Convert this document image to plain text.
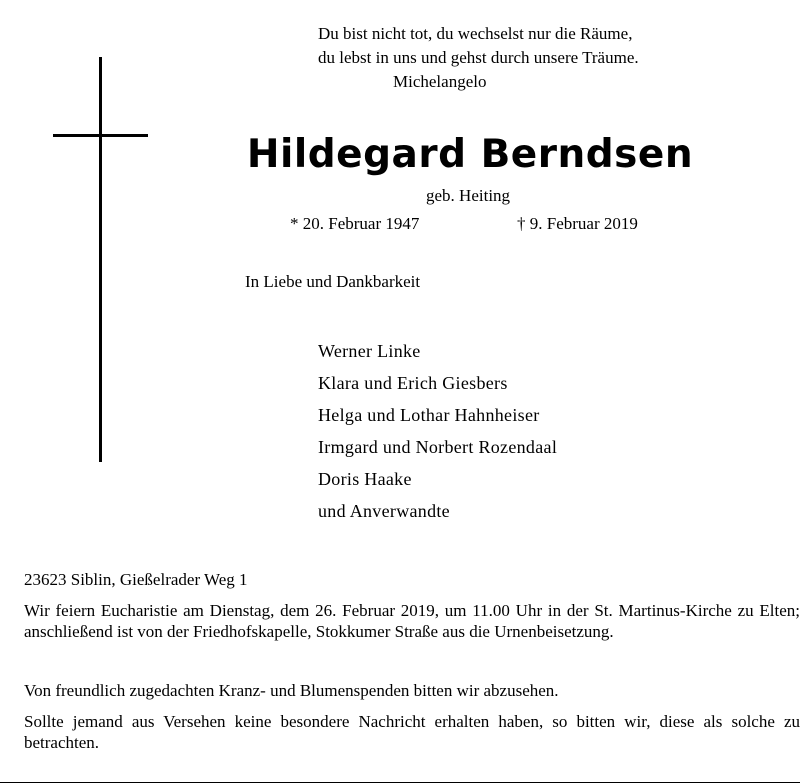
Du bist nicht tot, du wechselst nur die Räume,
du lebst in uns und gehst durch unsere Träume.
Michelangelo
Hildegard Berndsen
geb. Heiting
* 20. Februar 1947	† 9. Februar 2019
In Liebe und Dankbarkeit
Werner Linke
Klara und Erich Giesbers
Helga und Lothar Hahnheiser
Irmgard und Norbert Rozendaal
Doris Haake
und Anverwandte
23623 Siblin, Gießelrader Weg 1

Wir feiern Eucharistie am Dienstag, dem 26. Februar 2019, um 11.00 Uhr in der St. Martinus-Kirche zu Elten; anschließend ist von der Friedhofskapelle, Stokkumer Straße aus die Urnenbeisetzung.

Von freundlich zugedachten Kranz- und Blumenspenden bitten wir abzusehen.

Sollte jemand aus Versehen keine besondere Nachricht erhalten haben, so bitten wir, diese als solche zu betrachten.
